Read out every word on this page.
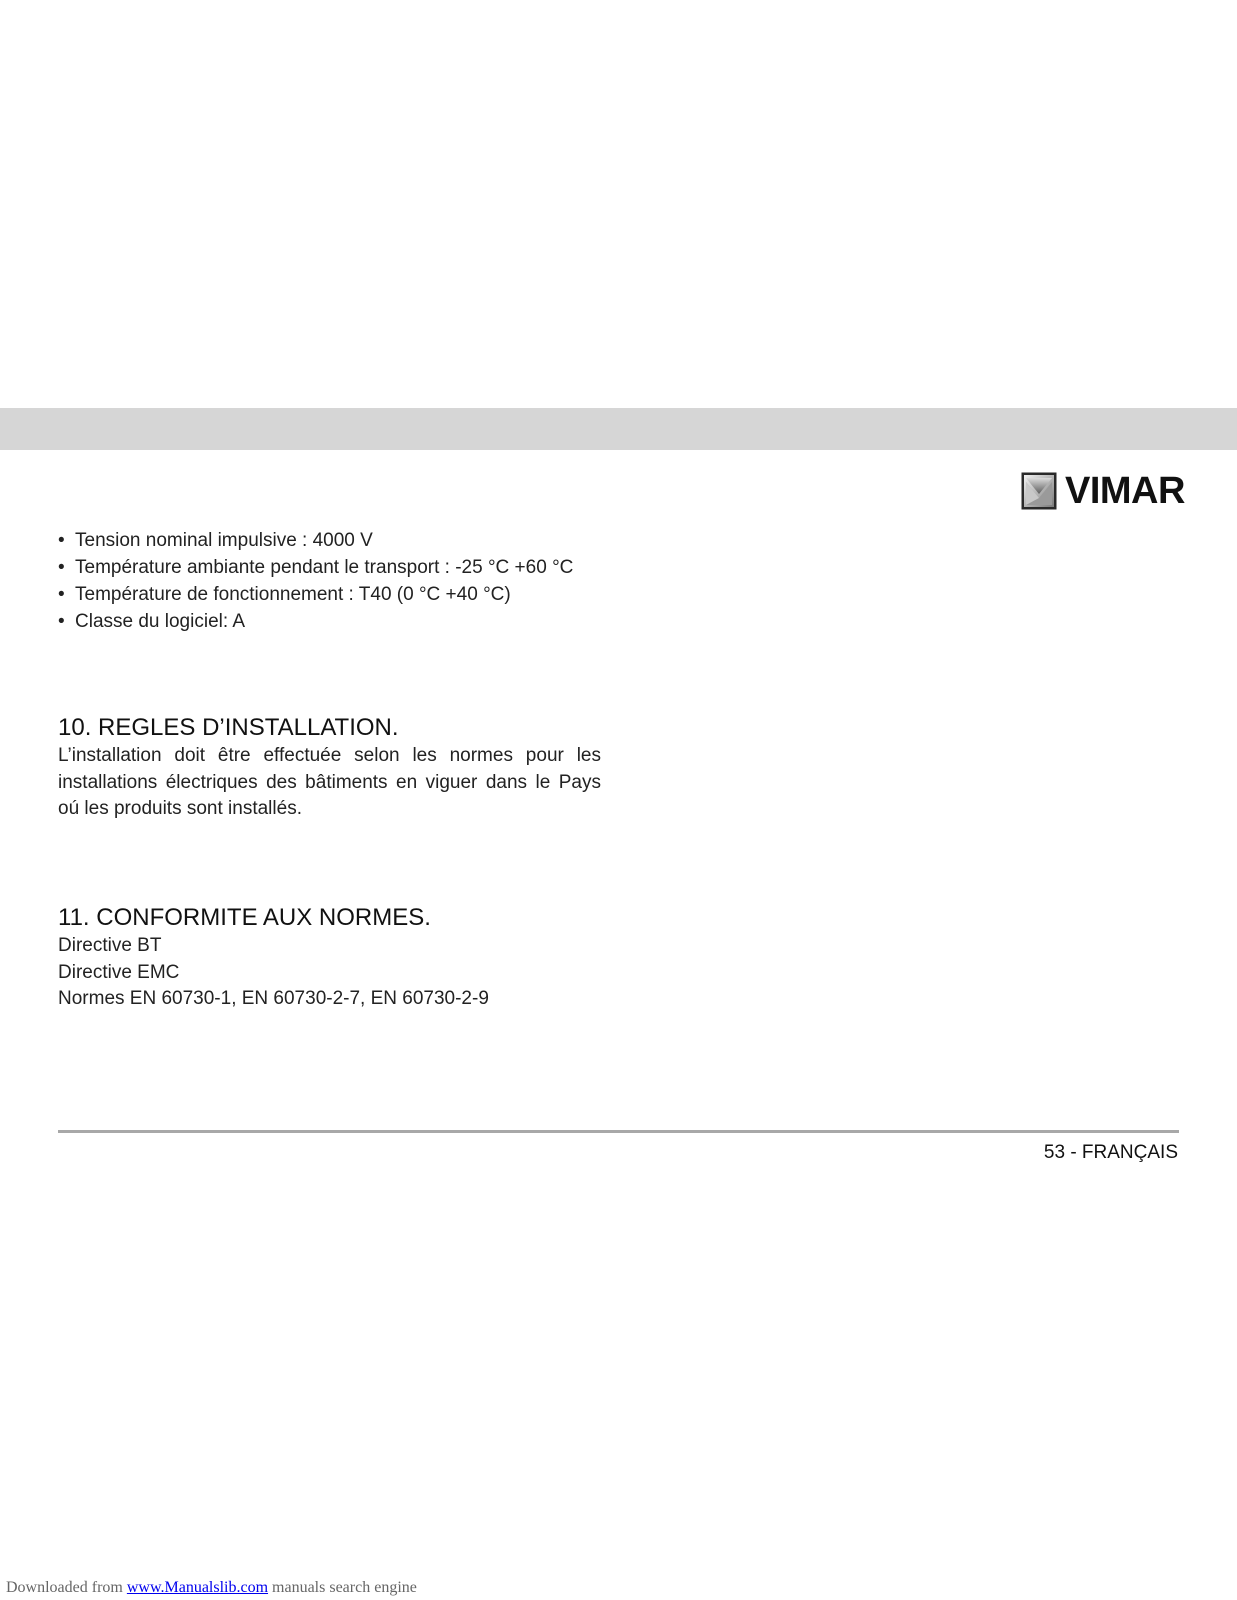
VIMAR
• Tension nominal impulsive : 4000 V
• Température ambiante pendant le transport : -25 °C +60 °C
• Température de fonctionnement : T40 (0 °C +40 °C)
• Classe du logiciel: A
10. REGLES D’INSTALLATION.

L’installation doit être effectuée selon les normes pour les installations électriques des bâtiments en viguer dans le Pays oú les produits sont installés.

11. CONFORMITE AUX NORMES.

Directive BT

Directive EMC

Normes EN 60730-1, EN 60730-2-7, EN 60730-2-9

53 - FRANÇAIS
Downloaded from www.Manualslib.com manuals search engine
